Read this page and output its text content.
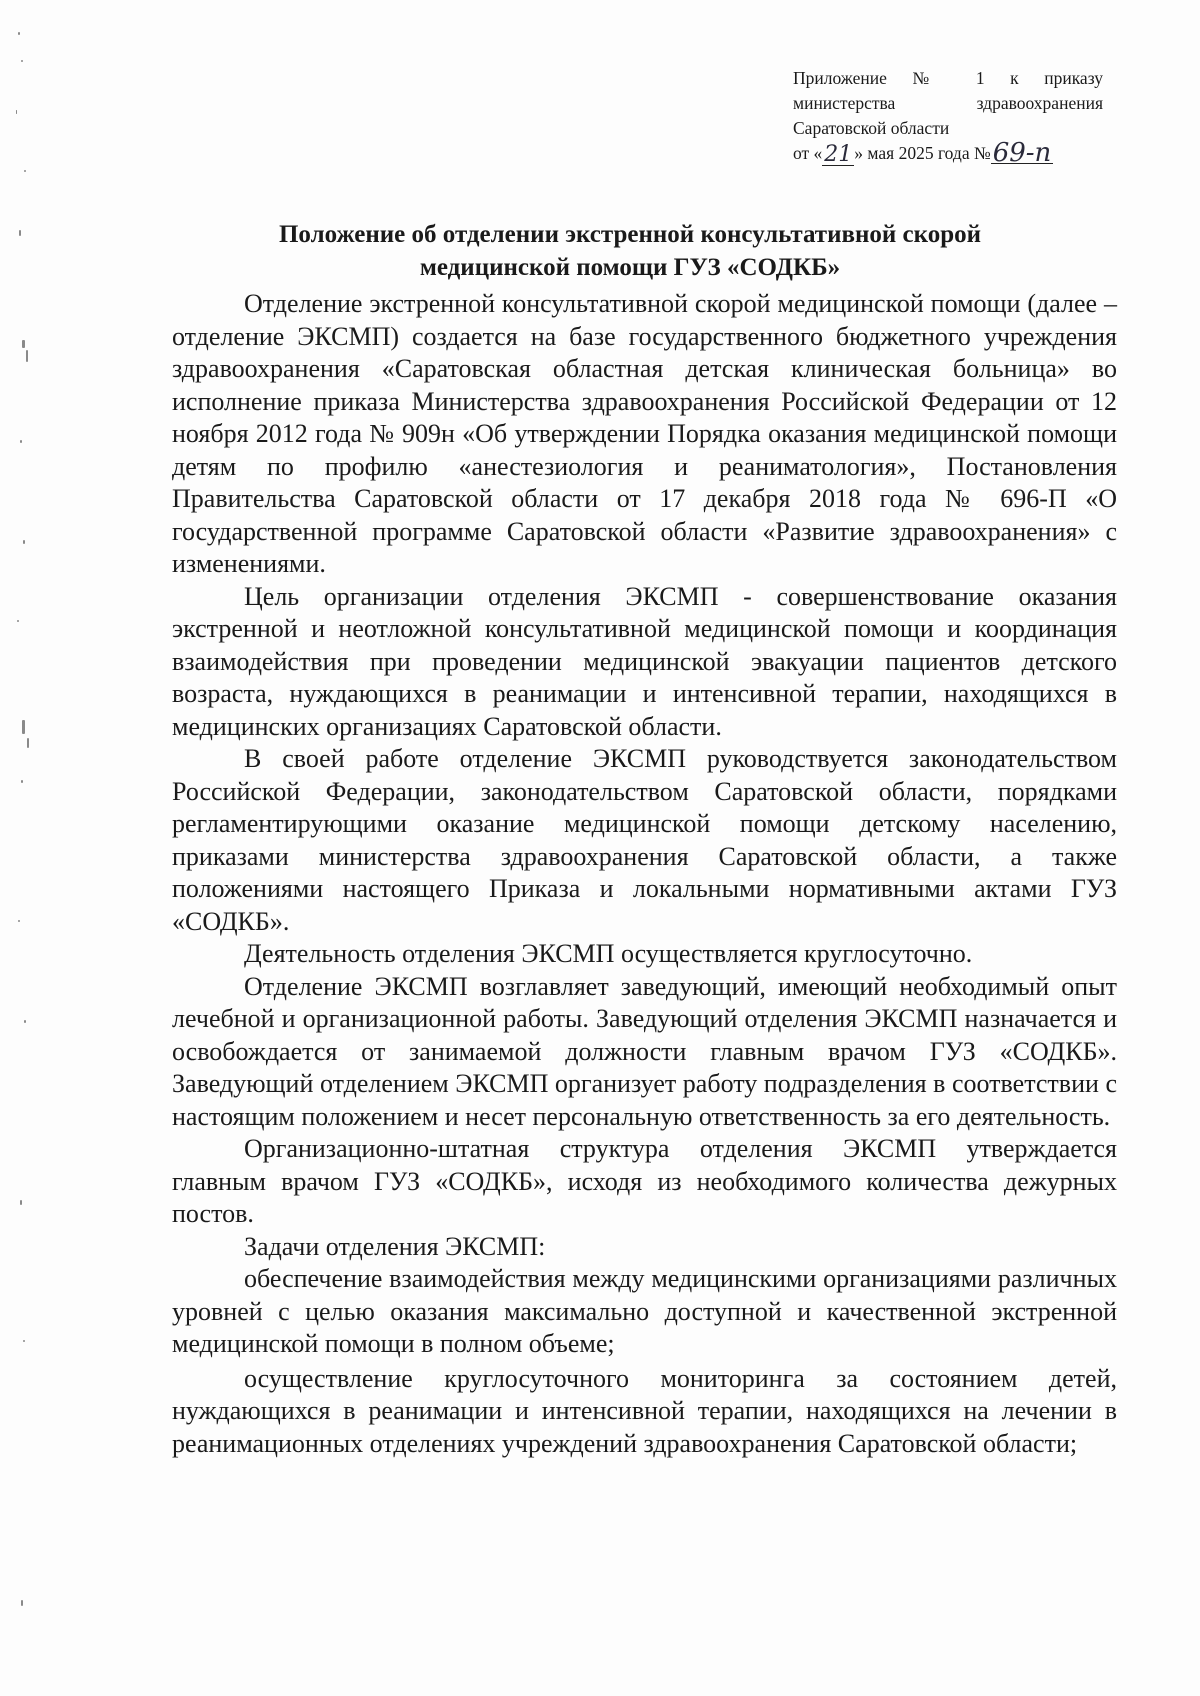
Приложение № 1 к приказу
министерства здравоохранения
Саратовской области
от «21 » мая 2025 года №69-п
Положение об отделении экстренной консультативной скорой
медицинской помощи ГУЗ «СОДКБ»

Отделение экстренной консультативной скорой медицинской помощи (далее – отделение ЭКСМП) создается на базе государственного бюджетного учреждения здравоохранения «Саратовская областная детская клиническая больница» во исполнение приказа Министерства здравоохранения Российской Федерации от 12 ноября 2012 года № 909н «Об утверждении Порядка оказания медицинской помощи детям по профилю «анестезиология и реаниматология», Постановления Правительства Саратовской области от 17 декабря 2018 года № 696-П «О государственной программе Саратовской области «Развитие здравоохранения» с изменениями.

Цель организации отделения ЭКСМП - совершенствование оказания экстренной и неотложной консультативной медицинской помощи и координация взаимодействия при проведении медицинской эвакуации пациентов детского возраста, нуждающихся в реанимации и интенсивной терапии, находящихся в медицинских организациях Саратовской области.

В своей работе отделение ЭКСМП руководствуется законодательством Российской Федерации, законодательством Саратовской области, порядками регламентирующими оказание медицинской помощи детскому населению, приказами министерства здравоохранения Саратовской области, а также положениями настоящего Приказа и локальными нормативными актами ГУЗ «СОДКБ».

Деятельность отделения ЭКСМП осуществляется круглосуточно.

Отделение ЭКСМП возглавляет заведующий, имеющий необходимый опыт лечебной и организационной работы. Заведующий отделения ЭКСМП назначается и освобождается от занимаемой должности главным врачом ГУЗ «СОДКБ». Заведующий отделением ЭКСМП организует работу подразделения в соответствии с настоящим положением и несет персональную ответственность за его деятельность.

Организационно-штатная структура отделения ЭКСМП утверждается главным врачом ГУЗ «СОДКБ», исходя из необходимого количества дежурных постов.

Задачи отделения ЭКСМП:

обеспечение взаимодействия между медицинскими организациями различных уровней с целью оказания максимально доступной и качественной экстренной медицинской помощи в полном объеме;

осуществление круглосуточного мониторинга за состоянием детей, нуждающихся в реанимации и интенсивной терапии, находящихся на лечении в реанимационных отделениях учреждений здравоохранения Саратовской области;
